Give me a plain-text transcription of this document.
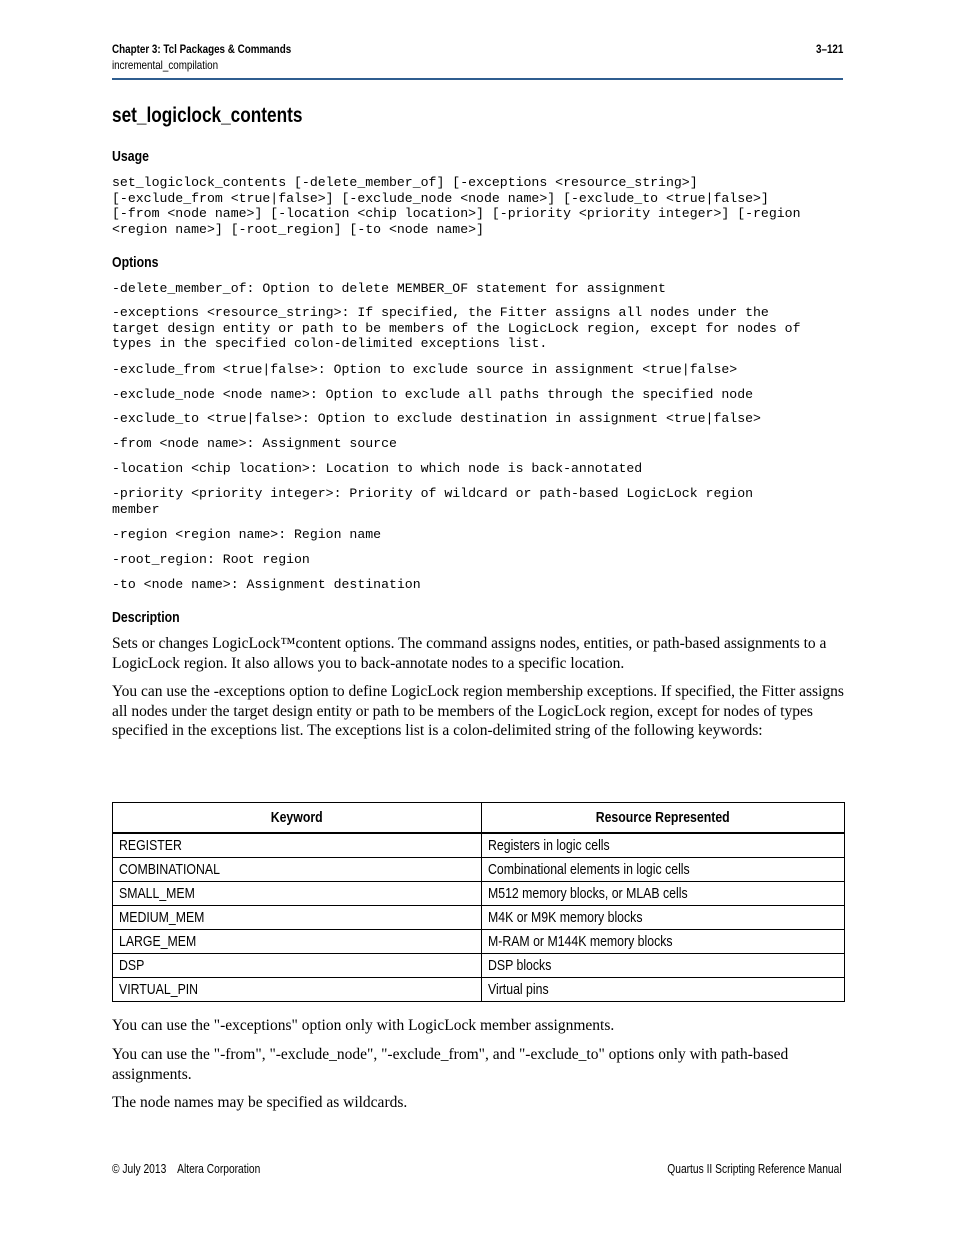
Chapter 3: Tcl Packages & Commands	3–121
incremental_compilation
set_logiclock_contents
Usage
set_logiclock_contents [-delete_member_of] [-exceptions <resource_string>]
[-exclude_from <true|false>] [-exclude_node <node name>] [-exclude_to <true|false>]
[-from <node name>] [-location <chip location>] [-priority <priority integer>] [-region
<region name>] [-root_region] [-to <node name>]
Options
-delete_member_of: Option to delete MEMBER_OF statement for assignment
-exceptions <resource_string>: If specified, the Fitter assigns all nodes under the
target design entity or path to be members of the LogicLock region, except for nodes of
types in the specified colon-delimited exceptions list.
-exclude_from <true|false>: Option to exclude source in assignment <true|false>
-exclude_node <node name>: Option to exclude all paths through the specified node
-exclude_to <true|false>: Option to exclude destination in assignment <true|false>
-from <node name>: Assignment source
-location <chip location>: Location to which node is back-annotated
-priority <priority integer>: Priority of wildcard or path-based LogicLock region
member
-region <region name>: Region name
-root_region: Root region
-to <node name>: Assignment destination
Description
Sets or changes LogicLock™content options. The command assigns nodes, entities, or path-based assignments to a LogicLock region. It also allows you to back-annotate nodes to a specific location.
You can use the -exceptions option to define LogicLock region membership exceptions. If specified, the Fitter assigns all nodes under the target design entity or path to be members of the LogicLock region, except for nodes of types specified in the exceptions list. The exceptions list is a colon-delimited string of the following keywords:
Keyword	Resource Represented
REGISTER	Registers in logic cells
COMBINATIONAL	Combinational elements in logic cells
SMALL_MEM	M512 memory blocks, or MLAB cells
MEDIUM_MEM	M4K or M9K memory blocks
LARGE_MEM	M-RAM or M144K memory blocks
DSP	DSP blocks
VIRTUAL_PIN	Virtual pins
You can use the "-exceptions" option only with LogicLock member assignments.
You can use the "-from", "-exclude_node", "-exclude_from", and "-exclude_to" options only with path-based assignments.
The node names may be specified as wildcards.
© July 2013    Altera Corporation	Quartus II Scripting Reference Manual
